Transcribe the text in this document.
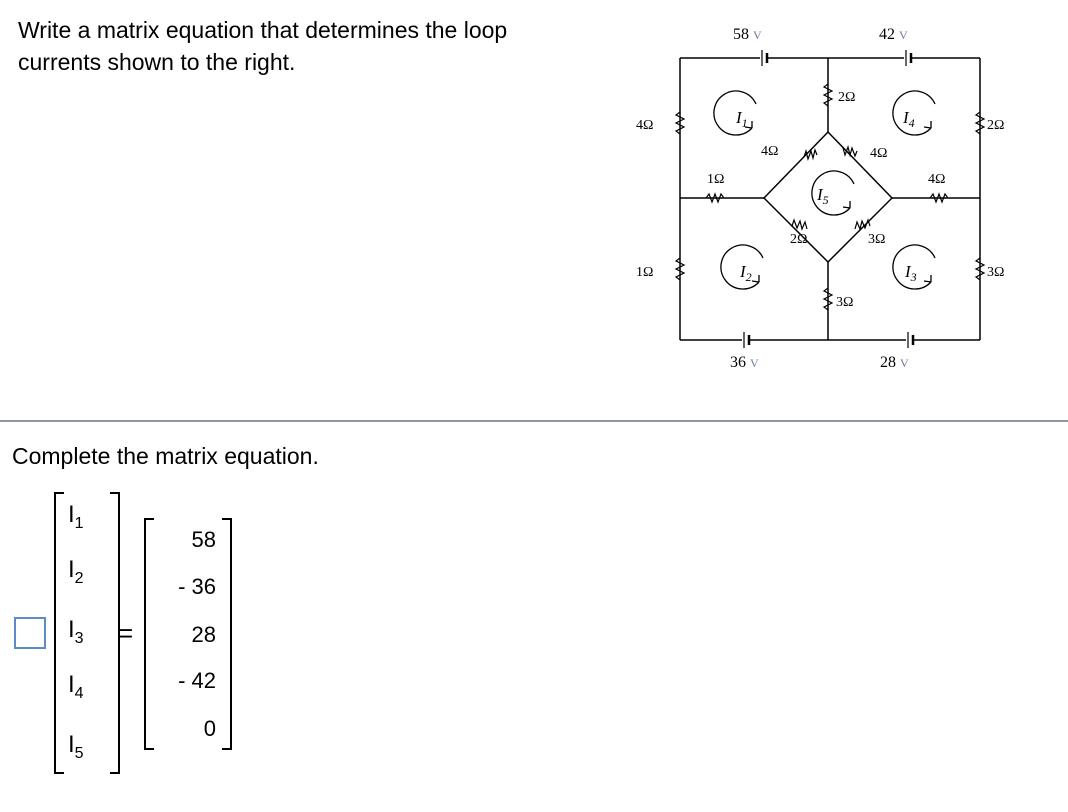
Write a matrix equation that determines the loop currents shown to the right.
$I_1$	$I_4$
$I_5$
$I_2$	$I_3$
58 V	42 V
36 V	28 V
2Ω
4Ω	2Ω
4Ω	4Ω
1Ω	4Ω
2Ω	3Ω
1Ω	3Ω
3Ω
Complete the matrix equation.
$I_1$
$I_2$
$I_3$
$I_4$
$I_5$
=
58
- 36
28
- 42
0
